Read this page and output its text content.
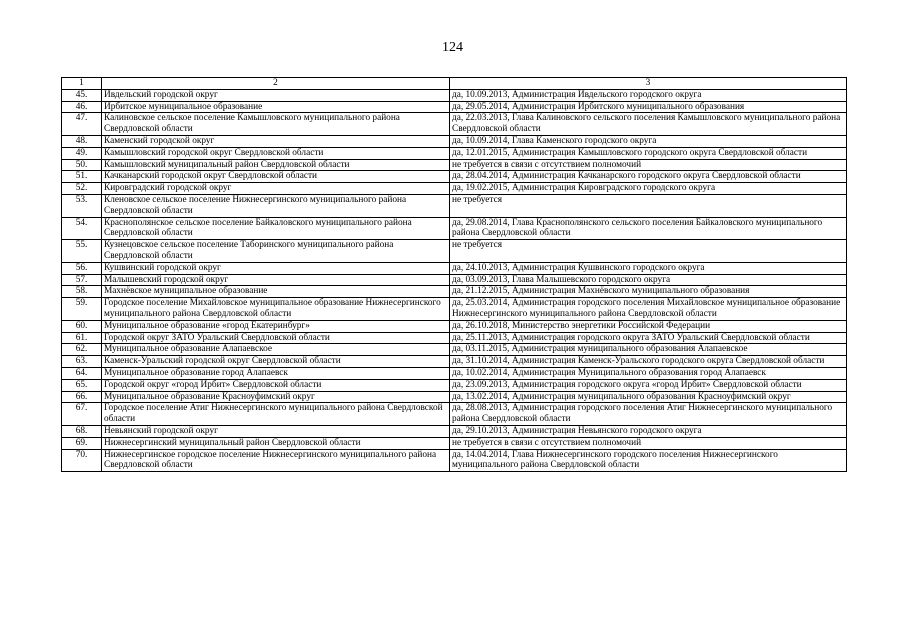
124
1	2	3
45.	Ивдельский городской округ	да, 10.09.2013, Администрация Ивдельского городского округа
46.	Ирбитское муниципальное образование	да, 29.05.2014, Администрация Ирбитского муниципального образования
47.	Калиновское сельское поселение Камышловского муниципального района Свердловской области	да, 22.03.2013, Глава Калиновского сельского поселения Камышловского муниципального района Свердловской области
48.	Каменский городской округ	да, 10.09.2014, Глава Каменского городского округа
49.	Камышловский городской округ Свердловской области	да, 12.01.2015, Администрация Камышловского городского округа Свердловской области
50.	Камышловский муниципальный район Свердловской области	не требуется в связи с отсутствием полномочий
51.	Качканарский городской округ Свердловской области	да, 28.04.2014, Администрация Качканарского городского округа Свердловской области
52.	Кировградский городской округ	да, 19.02.2015, Администрация Кировградского городского округа
53.	Кленовское сельское поселение Нижнесергинского муниципального района Свердловской области	не требуется
54.	Краснополянское сельское поселение Байкаловского муниципального района Свердловской области	да, 29.08.2014, Глава Краснополянского сельского поселения Байкаловского муниципального района Свердловской области
55.	Кузнецовское сельское поселение Таборинского муниципального района Свердловской области	не требуется
56.	Кушвинский городской округ	да, 24.10.2013, Администрация Кушвинского городского округа
57.	Малышевский городской округ	да, 03.09.2013, Глава Малышевского городского округа
58.	Махнёвское муниципальное образование	да, 21.12.2015, Администрация Махнёвского муниципального образования
59.	Городское поселение Михайловское муниципальное образование Нижнесергинского муниципального района Свердловской области	да, 25.03.2014, Администрация городского поселения Михайловское муниципальное образование Нижнесергинского муниципального района Свердловской области
60.	Муниципальное образование «город Екатеринбург»	да, 26.10.2018, Министерство энергетики Российской Федерации
61.	Городской округ ЗАТО Уральский Свердловской области	да, 25.11.2013, Администрация городского округа ЗАТО Уральский Свердловской области
62.	Муниципальное образование Алапаевское	да, 03.11.2015, Администрация муниципального образования Алапаевское
63.	Каменск-Уральский городской округ Свердловской области	да, 31.10.2014, Администрация Каменск-Уральского городского округа Свердловской области
64.	Муниципальное образование город Алапаевск	да, 10.02.2014, Администрация Муниципального образования город Алапаевск
65.	Городской округ «город Ирбит» Свердловской области	да, 23.09.2013, Администрация городского округа «город Ирбит» Свердловской области
66.	Муниципальное образование Красноуфимский округ	да, 13.02.2014, Администрация муниципального образования Красноуфимский округ
67.	Городское поселение Атиг Нижнесергинского муниципального района Свердловской области	да, 28.08.2013, Администрация городского поселения Атиг Нижнесергинского муниципального района Свердловской области
68.	Невьянский городской округ	да, 29.10.2013, Администрация Невьянского городского округа
69.	Нижнесергинский муниципальный район Свердловской области	не требуется в связи с отсутствием полномочий
70.	Нижнесергинское городское поселение Нижнесергинского муниципального района Свердловской области	да, 14.04.2014, Глава Нижнесергинского городского поселения Нижнесергинского муниципального района Свердловской области
